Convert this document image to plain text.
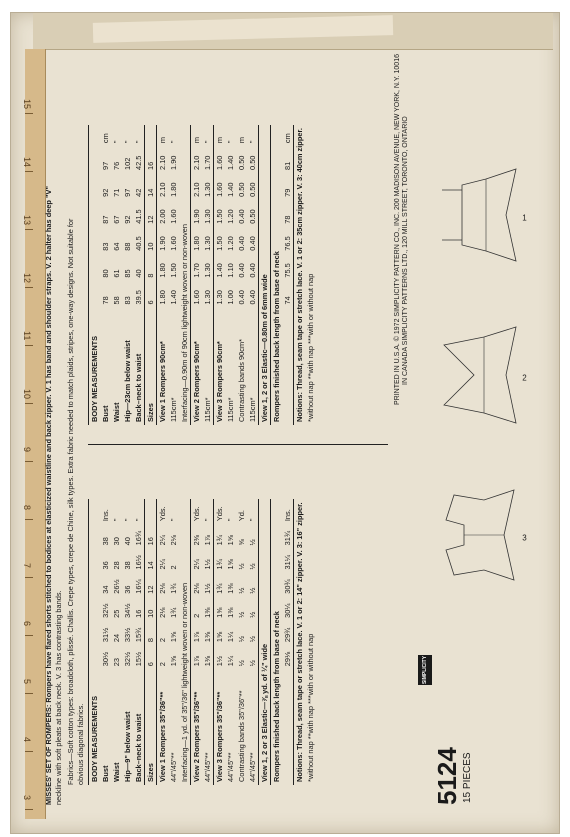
3
4
5
6
7
8
9
10
11
12
13
14
15
MISSES' SET OF ROMPERS: Rompers have flared shorts stitched to bodices at elasticized waistline and back zipper. V. 1 has band and shoulder straps. V. 2 halter has deep "V" neckline with soft pleats at back neck. V. 3 has contrasting bands. Fabrics—Soft cotton types: broadcloth, plissé. Challis. Crepe types, crepe de Chine, silk types. Extra fabric needed to match plaids, stripes, one-way designs. Not suitable for obvious diagonal fabrics. BODY MEASUREMENTS							
Bust	30½	31½	32½	34	36	38	Ins.
Waist	23	24	25	26½	28	30	"
Hip—9" below waist	32½	33½	34½	36	38	40	"
Back–neck to waist	15½	15¾	16	16¼	16½	16¾	"
Sizes	6	8	10	12	14	16	
View 1 Rompers 35"/36"**	2	2	2⅛	2⅛	2¼	2¼	Yds.
44"/45"**	1⅝	1⅝	1¾	1¾	2	2⅛	"
Interfacing—1 yd. of 35"/36" lightweight woven or non-woven							
View 2 Rompers 35"/36"**	1⅞	1⅞	2	2⅛	2¼	2⅜	Yds.
44"/45"**	1⅜	1⅜	1⅜	1½	1½	1⅞	"
View 3 Rompers 35"/36"**	1½	1⅝	1⅝	1¾	1¾	1¾	Yds.
44"/45"**	1¼	1¼	1⅜	1⅜	1⅝	1⅝	"
Contrasting bands 35"/36"**	½	½	½	½	½	⅝	Yd.
44"/45"**	½	½	½	½	½	½	"
View 1, 2 or 3 Elastic—⅞ yd. of ¼" wide							
Rompers finished back length from base of neck							
	29⅛	29¾	30¼	30¾	31¼	31¾	Ins.
Notions: Thread, seam tape or stretch lace. V. 1 or 2: 14" zipper. V. 3: 16" zipper.							
*without nap **with nap ***with or without nap							
BODY MEASUREMENTS							
Bust	78	80	83	87	92	97	cm
Waist	58	61	64	67	71	76	"
Hip—23cm below waist	83	85	88	92	97	102	"
Back–neck to waist	39.5	40	40.5	41.5	42	42.5	"
Sizes	6	8	10	12	14	16	
View 1 Rompers 90cm*	1.80	1.80	1.90	2.00	2.10	2.10	m
115cm*	1.40	1.50	1.60	1.60	1.80	1.90	"
Interfacing—0.90m of 90cm lightweight woven or non-woven							
View 2 Rompers 90cm*	1.60	1.70	1.80	1.90	2.10	2.10	m
115cm*	1.30	1.30	1.30	1.30	1.30	1.70	"
View 3 Rompers 90cm*	1.30	1.40	1.50	1.50	1.60	1.60	m
115cm*	1.00	1.10	1.20	1.20	1.40	1.40	"
Contrasting bands 90cm*	0.40	0.40	0.40	0.40	0.50	0.50	m
115cm*	0.40	0.40	0.40	0.50	0.50	0.50	"
View 1, 2 or 3 Elastic—0.80m of 6mm wide							
Rompers finished back length from base of neck							
	74	75.5	76.5	78	79	81	cm
Notions: Thread, seam tape or stretch lace. V. 1 or 2: 35cm zipper. V. 3: 40cm zipper.							
*without nap **with nap ***with or without nap								PRINTED IN U.S.A. © 1972 SIMPLICITY PATTERN CO., INC. 200 MADISON AVENUE, NEW YORK, N.Y. 10016 IN CANADA SIMPLICITY PATTERNS LTD., 120 MILL STREET, TORONTO, ONTARIO
SIMPLICITY
5124 15 PIECES
3
2
1
